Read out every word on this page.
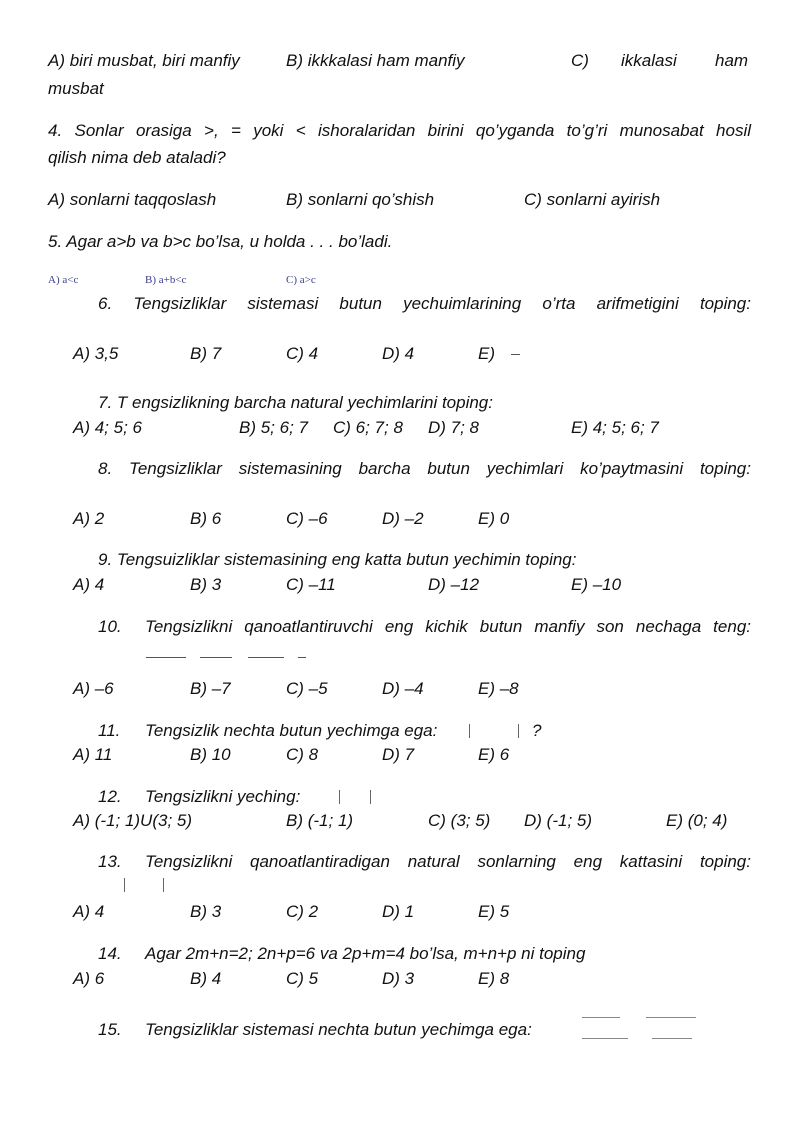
A) biri musbat, biri manfiy	B) ikkkalasi ham manfiy	C) ikkalasi ham
musbat
4. Sonlar orasiga >, = yoki < ishoralaridan birini qo’yganda to’g’ri munosabat hosil
qilish nima deb ataladi?
A) sonlarni taqqoslash	B) sonlarni qo’shish	C) sonlarni ayirish
5. Agar a>b va b>c bo’lsa, u holda . . . bo’ladi.
A) a<c	B) a+b<c	C) a>c
6. Tengsizliklar sistemasi butun yechuimlarining o’rta arifmetigini toping:
A) 3,5	B) 7	C) 4	D) 4	E)
7. T engsizlikning barcha natural yechimlarini toping:
A) 4; 5; 6	B) 5; 6; 7 C) 6; 7; 8 D) 7; 8	E) 4; 5; 6; 7
8. Tengsizliklar sistemasining barcha butun yechimlari ko’paytmasini toping:
A) 2	B) 6	C) –6	D) –2	E) 0
9. Tengsuizliklar sistemasining eng katta butun yechimin toping:
A) 4	B) 3	C) –11	D) –12	E) –10
10. Tengsizlikni qanoatlantiruvchi eng kichik butun manfiy son nechaga teng:
A) –6	B) –7	C) –5	D) –4	E) –8
11. Tengsizlik nechta butun yechimga ega:	?
A) 11	B) 10	C) 8	D) 7	E) 6
12. Tengsizlikni yeching:
A) (-1; 1)U(3; 5)	B) (-1; 1)	C) (3; 5) D) (-1; 5)	E) (0; 4)
13. Tengsizlikni qanoatlantiradigan natural sonlarning eng kattasini toping:
A) 4	B) 3	C) 2	D) 1	E) 5
14. Agar 2m+n=2; 2n+p=6 va 2p+m=4 bo’lsa, m+n+p ni toping
A) 6	B) 4	C) 5	D) 3	E) 8
15. Tengsizliklar sistemasi nechta butun yechimga ega:
